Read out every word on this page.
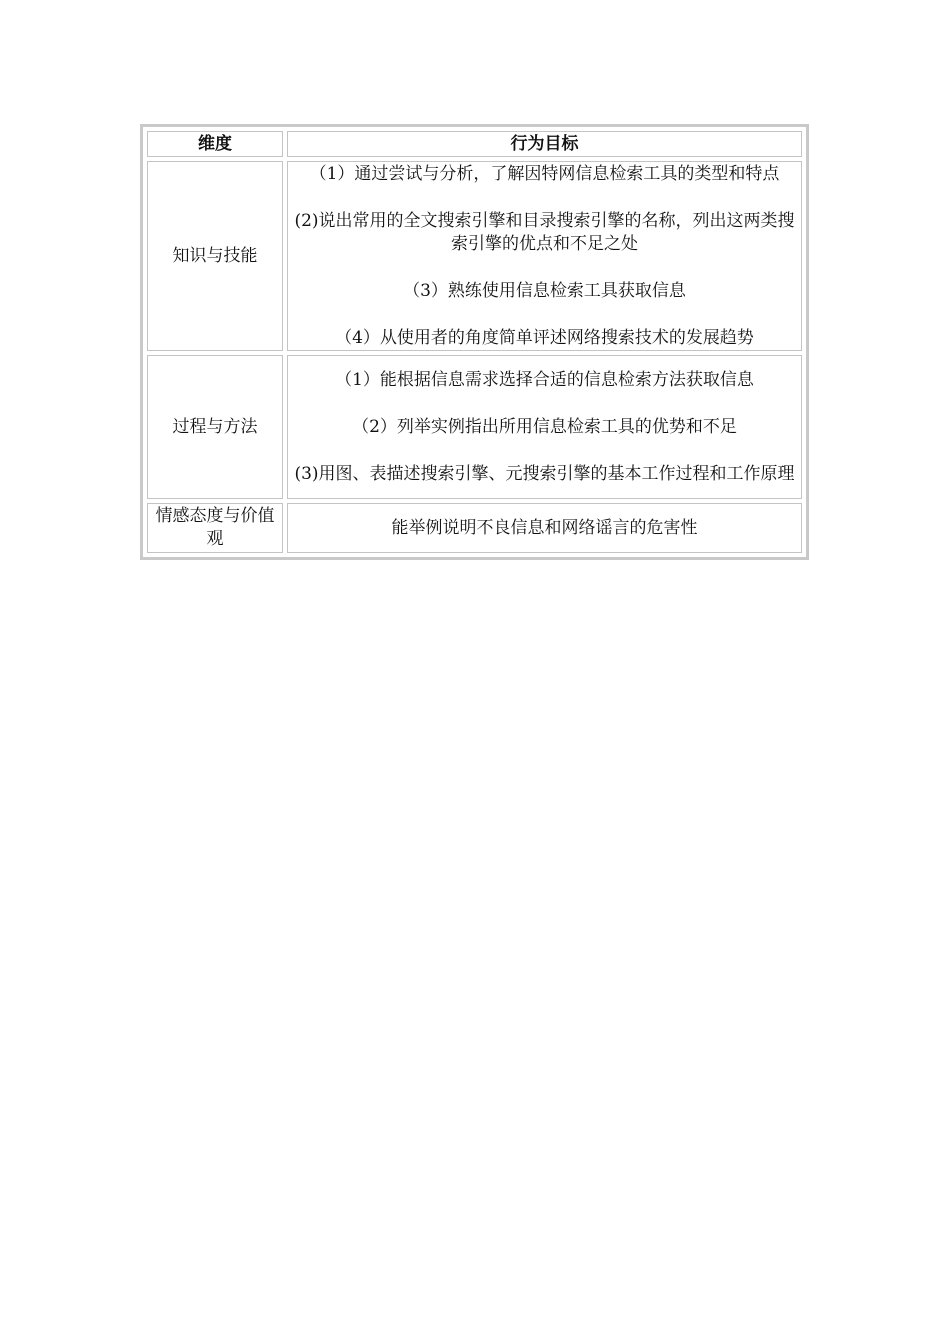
维度	行为目标
知识与技能	（1）通过尝试与分析，了解因特网信息检索工具的类型和特点
(2)说出常用的全文搜索引擎和目录搜索引擎的名称，列出这两类搜索引擎的优点和不足之处
（3）熟练使用信息检索工具获取信息
（4）从使用者的角度简单评述网络搜索技术的发展趋势

过程与方法	（1）能根据信息需求选择合适的信息检索方法获取信息
（2）列举实例指出所用信息检索工具的优势和不足
(3)用图、表描述搜索引擎、元搜索引擎的基本工作过程和工作原理

情感态度与价值观	能举例说明不良信息和网络谣言的危害性
